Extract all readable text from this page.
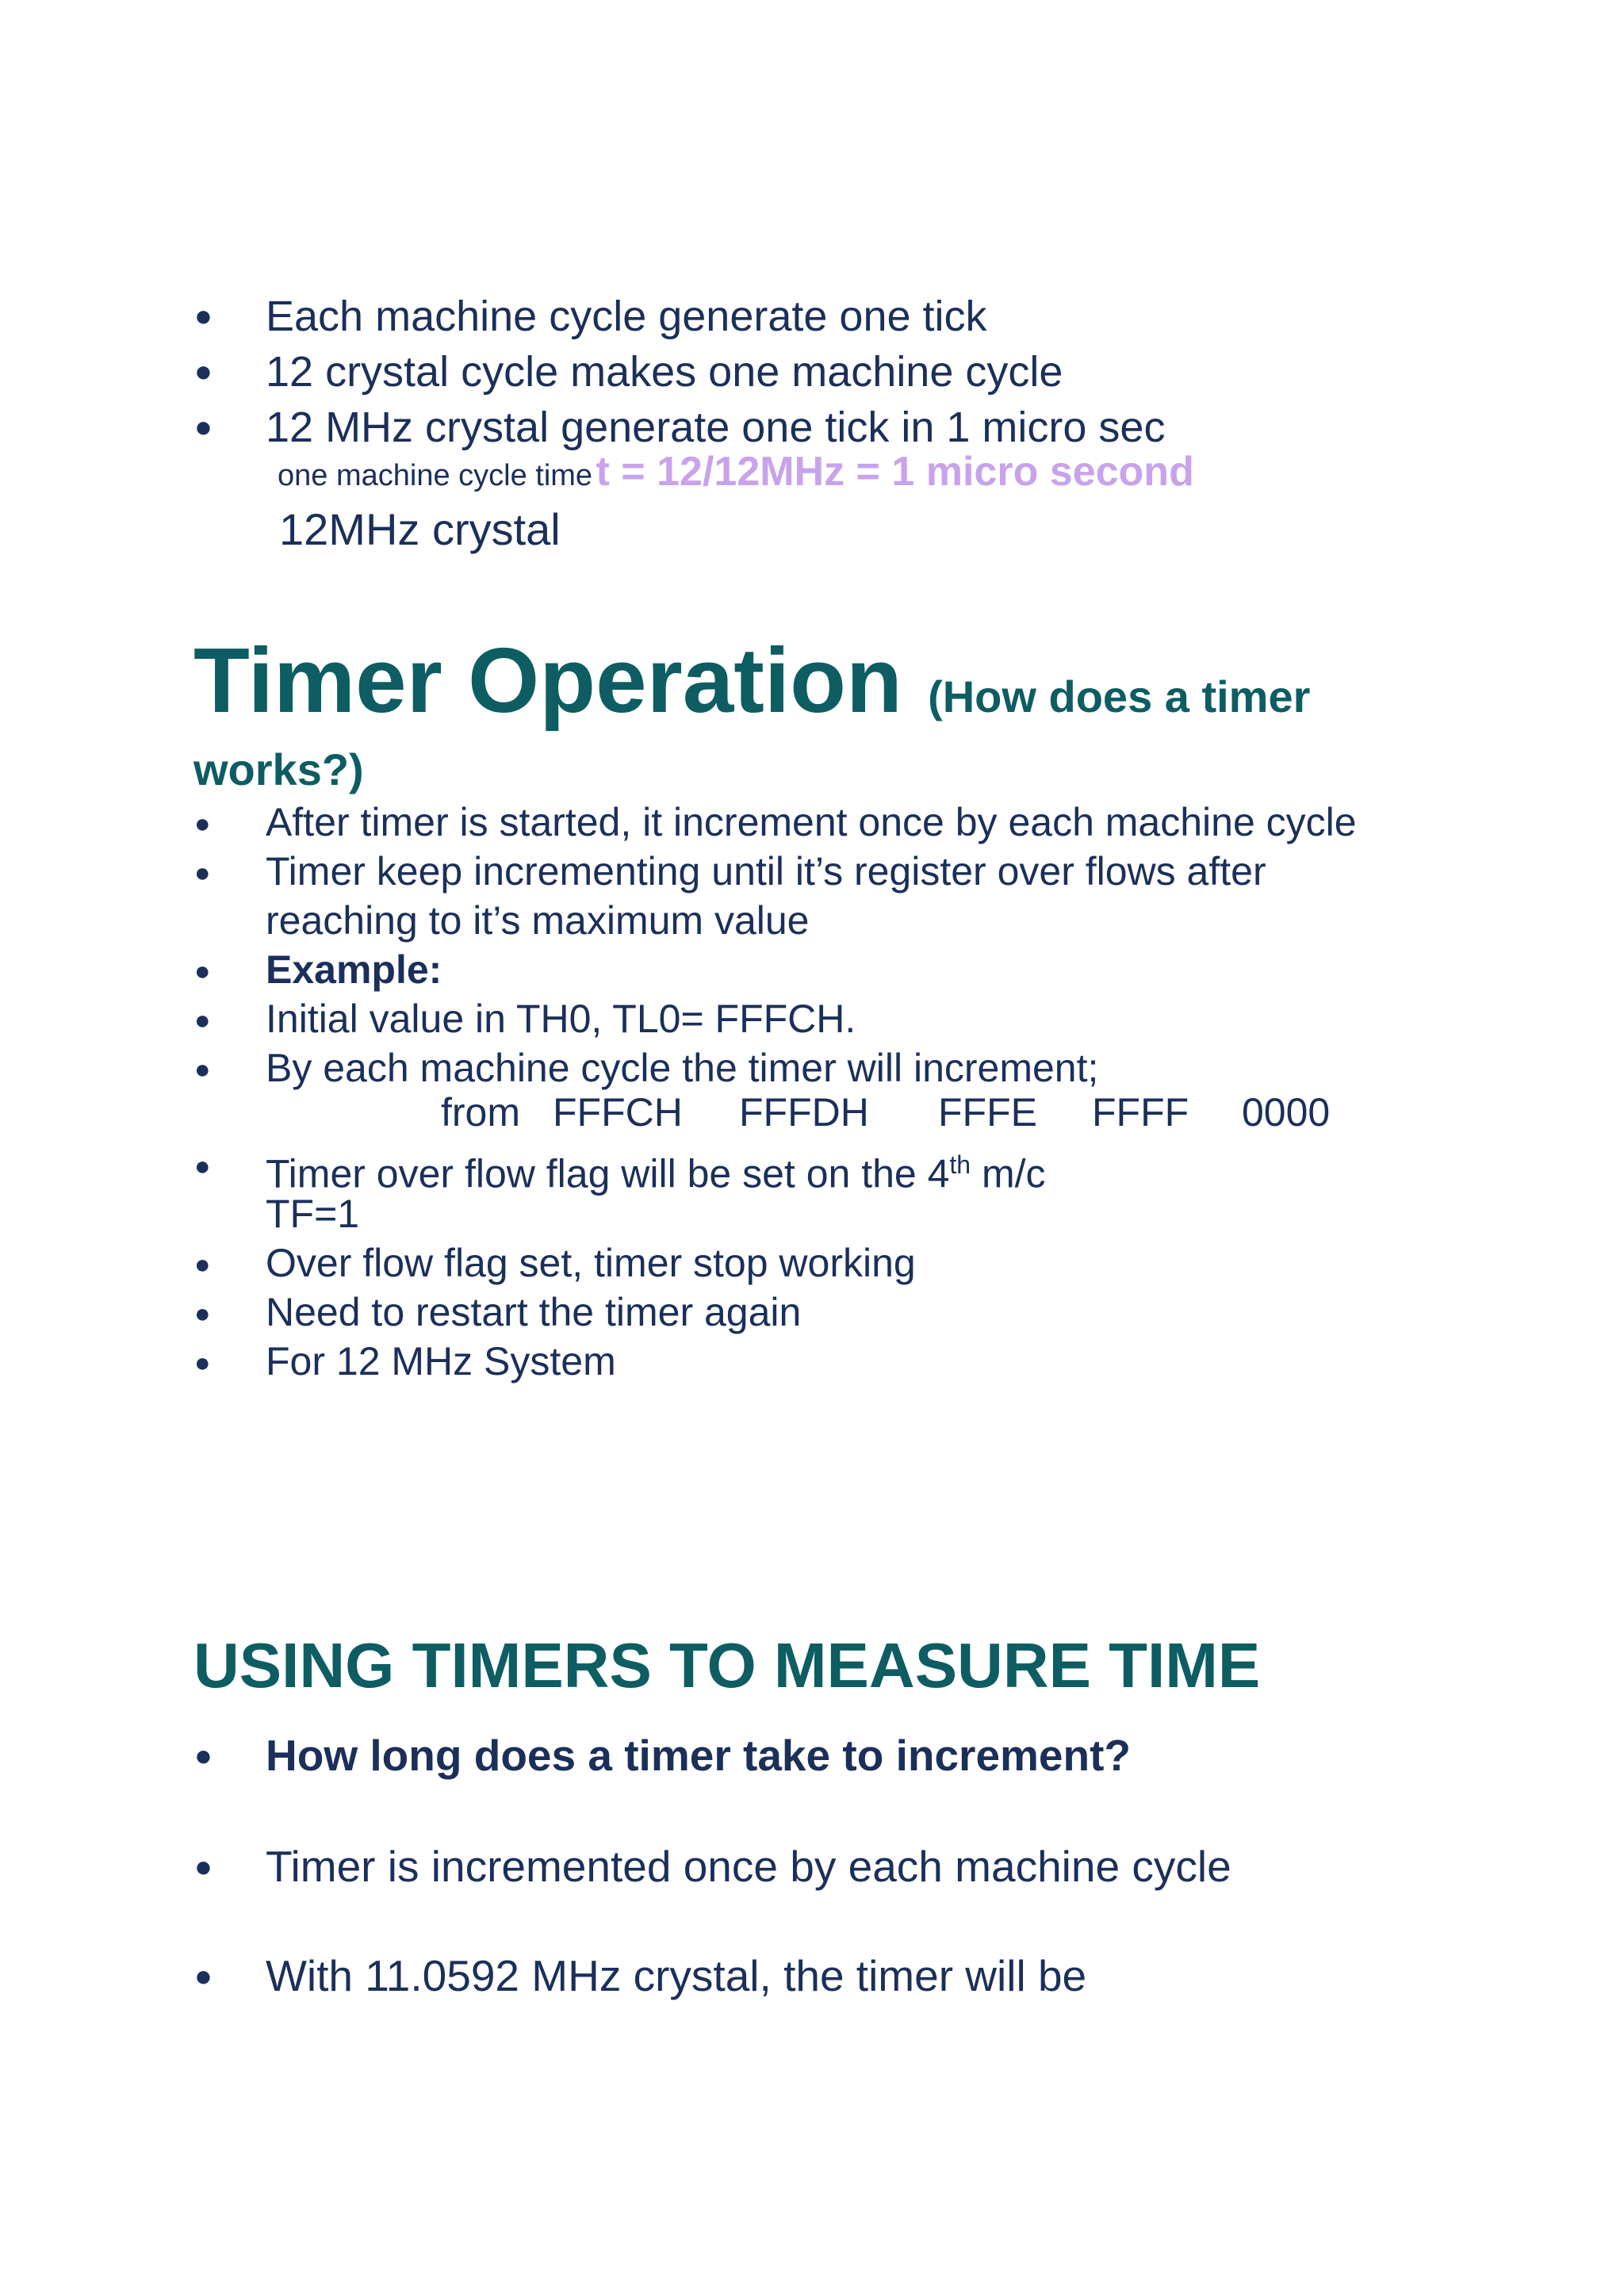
● Each machine cycle generate one tick
● 12 crystal cycle makes one machine cycle
● 12 MHz crystal generate one tick in 1 micro sec
one machine cycle time t = 12/12MHz = 1 micro second
12MHz crystal
Timer Operation (How does a timer
works?)
● After timer is started, it increment once by each machine cycle
● Timer keep incrementing until it’s register over flows after
reaching to it’s maximum value
● Example:
● Initial value in TH0, TL0= FFFCH.
● By each machine cycle the timer will increment;
from FFFCH FFFDH FFFE FFFF 0000
● Timer over flow flag will be set on the 4th m/c
TF=1
● Over flow flag set, timer stop working
● Need to restart the timer again
● For 12 MHz System
USING TIMERS TO MEASURE TIME
● How long does a timer take to increment?
● Timer is incremented once by each machine cycle
● With 11.0592 MHz crystal, the timer will be
